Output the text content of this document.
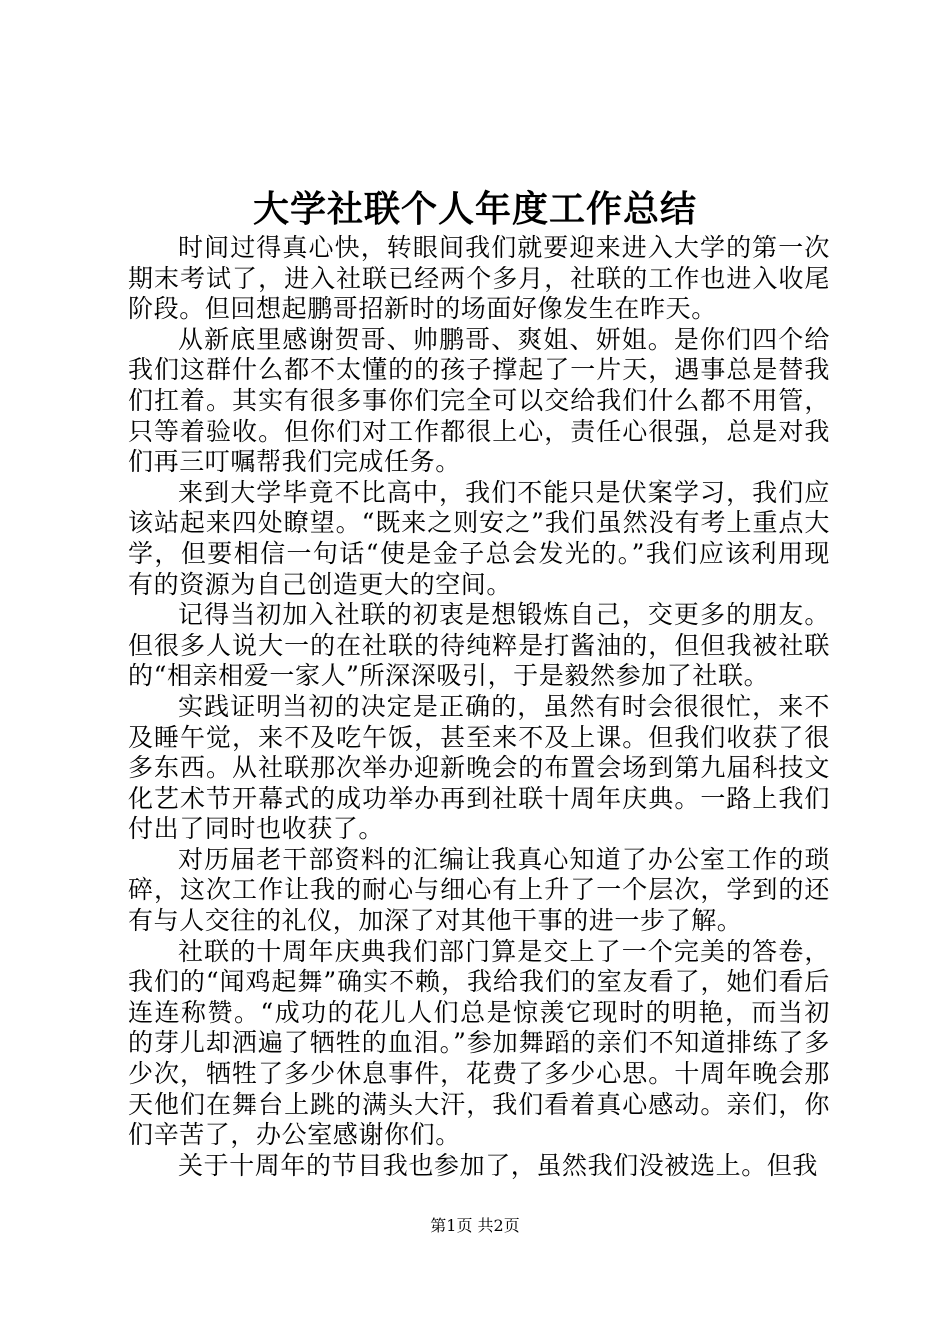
大学社联个人年度工作总结

时间过得真心快，转眼间我们就要迎来进入大学的第一次期末考试了，进入社联已经两个多月，社联的工作也进入收尾阶段。但回想起鹏哥招新时的场面好像发生在昨天。

从新底里感谢贺哥、帅鹏哥、爽姐、妍姐。是你们四个给我们这群什么都不太懂的的孩子撑起了一片天，遇事总是替我们扛着。其实有很多事你们完全可以交给我们什么都不用管，只等着验收。但你们对工作都很上心，责任心很强，总是对我们再三叮嘱帮我们完成任务。

来到大学毕竟不比高中，我们不能只是伏案学习，我们应该站起来四处瞭望。“既来之则安之”我们虽然没有考上重点大学，但要相信一句话“使是金子总会发光的。”我们应该利用现有的资源为自己创造更大的空间。

记得当初加入社联的初衷是想锻炼自己，交更多的朋友。但很多人说大一的在社联的待纯粹是打酱油的，但但我被社联的“相亲相爱一家人”所深深吸引，于是毅然参加了社联。

实践证明当初的决定是正确的，虽然有时会很很忙，来不及睡午觉，来不及吃午饭，甚至来不及上课。但我们收获了很多东西。从社联那次举办迎新晚会的布置会场到第九届科技文化艺术节开幕式的成功举办再到社联十周年庆典。一路上我们付出了同时也收获了。

对历届老干部资料的汇编让我真心知道了办公室工作的琐碎，这次工作让我的耐心与细心有上升了一个层次，学到的还有与人交往的礼仪，加深了对其他干事的进一步了解。

社联的十周年庆典我们部门算是交上了一个完美的答卷，我们的“闻鸡起舞”确实不赖，我给我们的室友看了，她们看后连连称赞。“成功的花儿人们总是惊羡它现时的明艳，而当初的芽儿却洒遍了牺牲的血泪。”参加舞蹈的亲们不知道排练了多少次，牺牲了多少休息事件，花费了多少心思。十周年晚会那天他们在舞台上跳的满头大汗，我们看着真心感动。亲们，你们辛苦了，办公室感谢你们。

关于十周年的节目我也参加了，虽然我们没被选上。但我

第1页 共2页
